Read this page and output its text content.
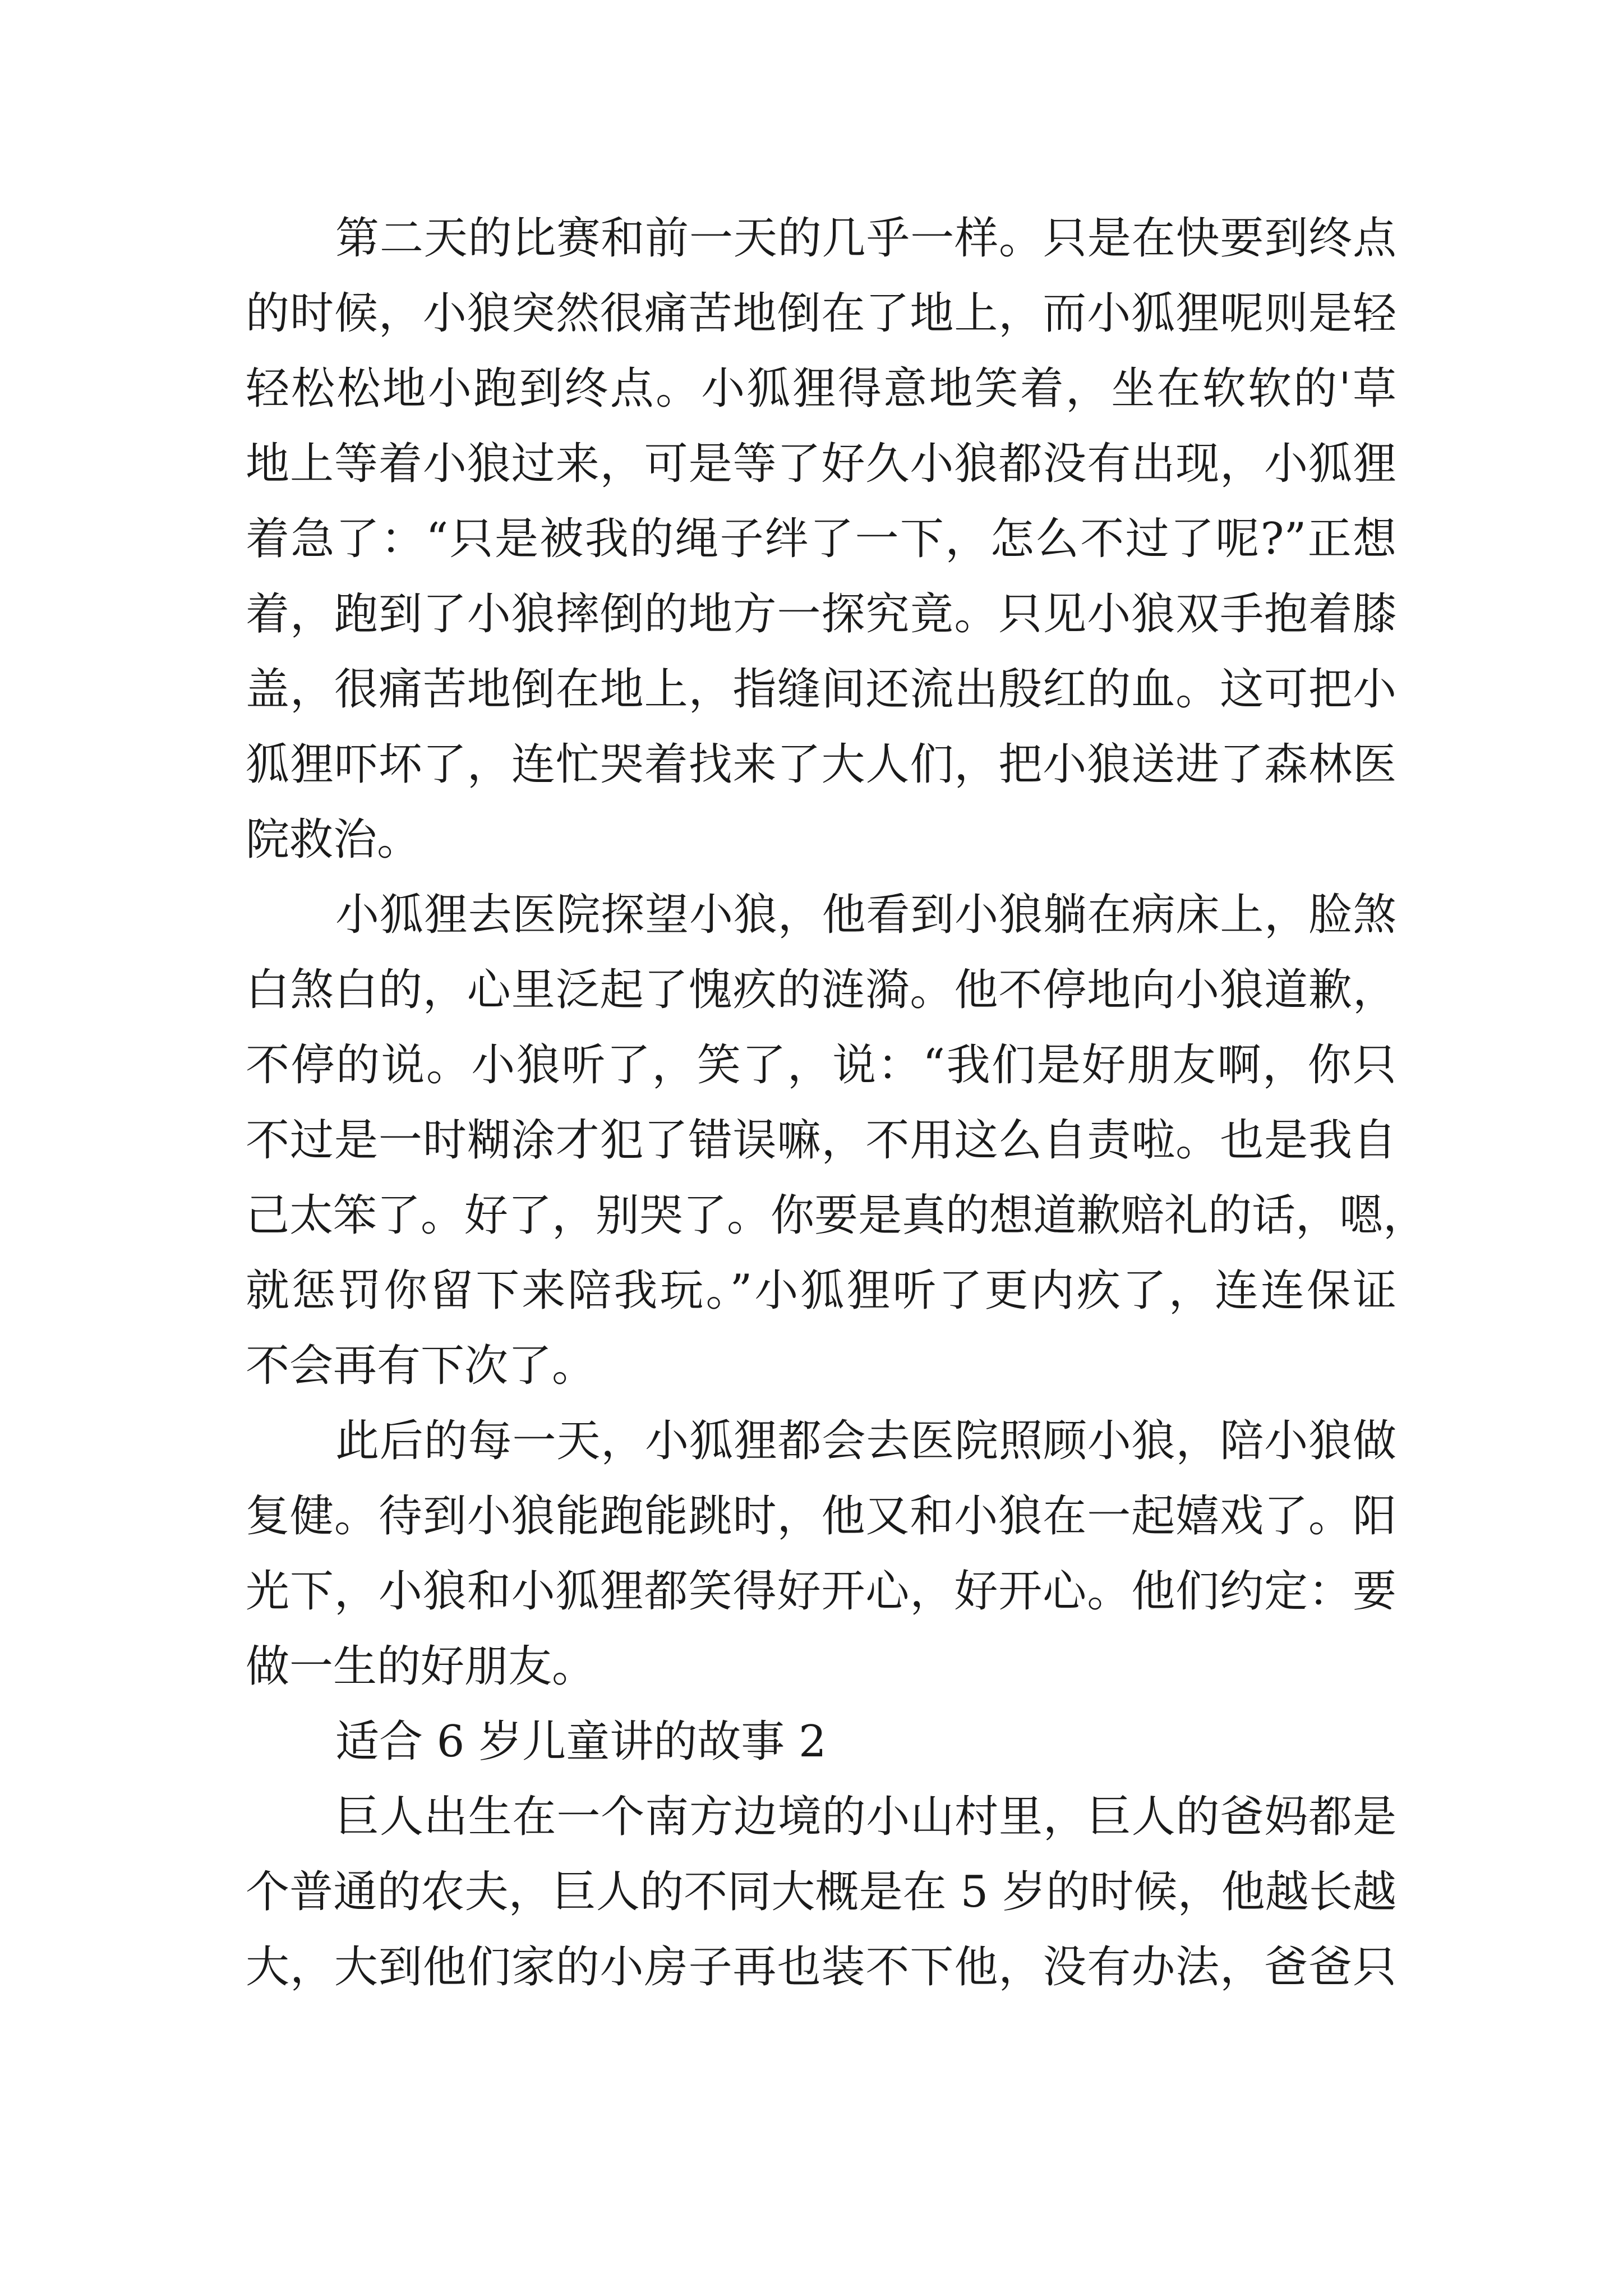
第二天的比赛和前一天的几乎一样。只是在快要到终点
的时候，小狼突然很痛苦地倒在了地上，而小狐狸呢则是轻
轻松松地小跑到终点。小狐狸得意地笑着，坐在软软的'草
地上等着小狼过来，可是等了好久小狼都没有出现，小狐狸
着急了：“只是被我的绳子绊了一下，怎么不过了呢?”正想
着，跑到了小狼摔倒的地方一探究竟。只见小狼双手抱着膝
盖，很痛苦地倒在地上，指缝间还流出殷红的血。这可把小
狐狸吓坏了，连忙哭着找来了大人们，把小狼送进了森林医
院救治。
小狐狸去医院探望小狼，他看到小狼躺在病床上，脸煞
白煞白的，心里泛起了愧疚的涟漪。他不停地向小狼道歉，
不停的说。小狼听了，笑了，说：“我们是好朋友啊，你只
不过是一时糊涂才犯了错误嘛，不用这么自责啦。也是我自
己太笨了。好了，别哭了。你要是真的想道歉赔礼的话，嗯，
就惩罚你留下来陪我玩。”小狐狸听了更内疚了，连连保证
不会再有下次了。
此后的每一天，小狐狸都会去医院照顾小狼，陪小狼做
复健。待到小狼能跑能跳时，他又和小狼在一起嬉戏了。阳
光下，小狼和小狐狸都笑得好开心，好开心。他们约定：要
做一生的好朋友。
适合 6 岁儿童讲的故事 2
巨人出生在一个南方边境的小山村里，巨人的爸妈都是
个普通的农夫，巨人的不同大概是在 5 岁的时候，他越长越
大，大到他们家的小房子再也装不下他，没有办法，爸爸只
